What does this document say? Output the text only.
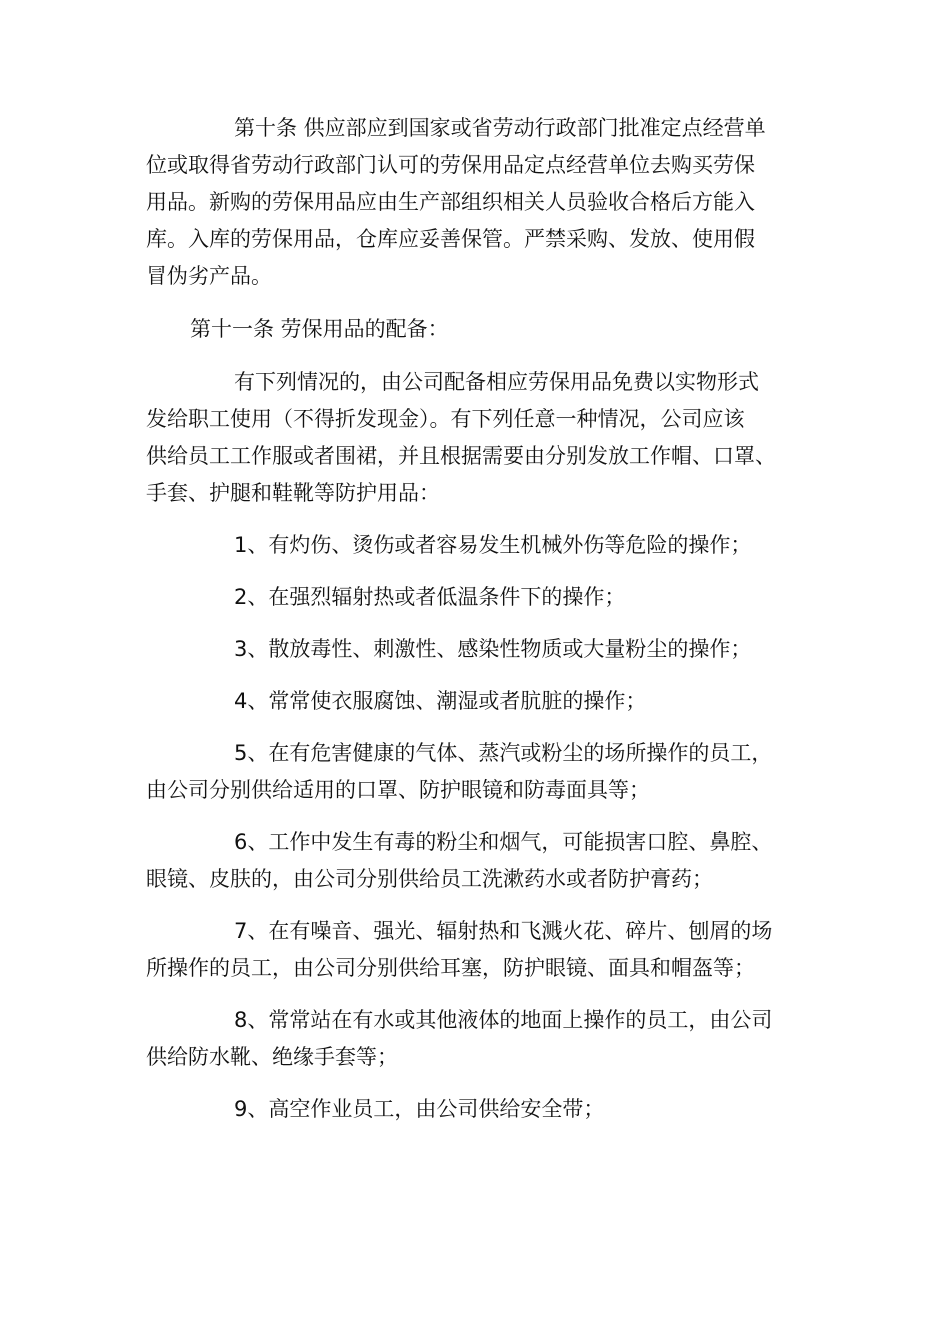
第十条 供应部应到国家或省劳动行政部门批准定点经营单
位或取得省劳动行政部门认可的劳保用品定点经营单位去购买劳保
用品。新购的劳保用品应由生产部组织相关人员验收合格后方能入
库。入库的劳保用品，仓库应妥善保管。严禁采购、发放、使用假
冒伪劣产品。
第十一条 劳保用品的配备：
有下列情况的，由公司配备相应劳保用品免费以实物形式
发给职工使用（不得折发现金）。有下列任意一种情况，公司应该
供给员工工作服或者围裙，并且根据需要由分别发放工作帽、口罩、
手套、护腿和鞋靴等防护用品：
1、有灼伤、烫伤或者容易发生机械外伤等危险的操作；
2、在强烈辐射热或者低温条件下的操作；
3、散放毒性、刺激性、感染性物质或大量粉尘的操作；
4、常常使衣服腐蚀、潮湿或者肮脏的操作；
5、在有危害健康的气体、蒸汽或粉尘的场所操作的员工，
由公司分别供给适用的口罩、防护眼镜和防毒面具等；
6、工作中发生有毒的粉尘和烟气，可能损害口腔、鼻腔、
眼镜、皮肤的，由公司分别供给员工洗漱药水或者防护膏药；
7、在有噪音、强光、辐射热和飞溅火花、碎片、刨屑的场
所操作的员工，由公司分别供给耳塞，防护眼镜、面具和帽盔等；
8、常常站在有水或其他液体的地面上操作的员工，由公司
供给防水靴、绝缘手套等；
9、高空作业员工，由公司供给安全带；
